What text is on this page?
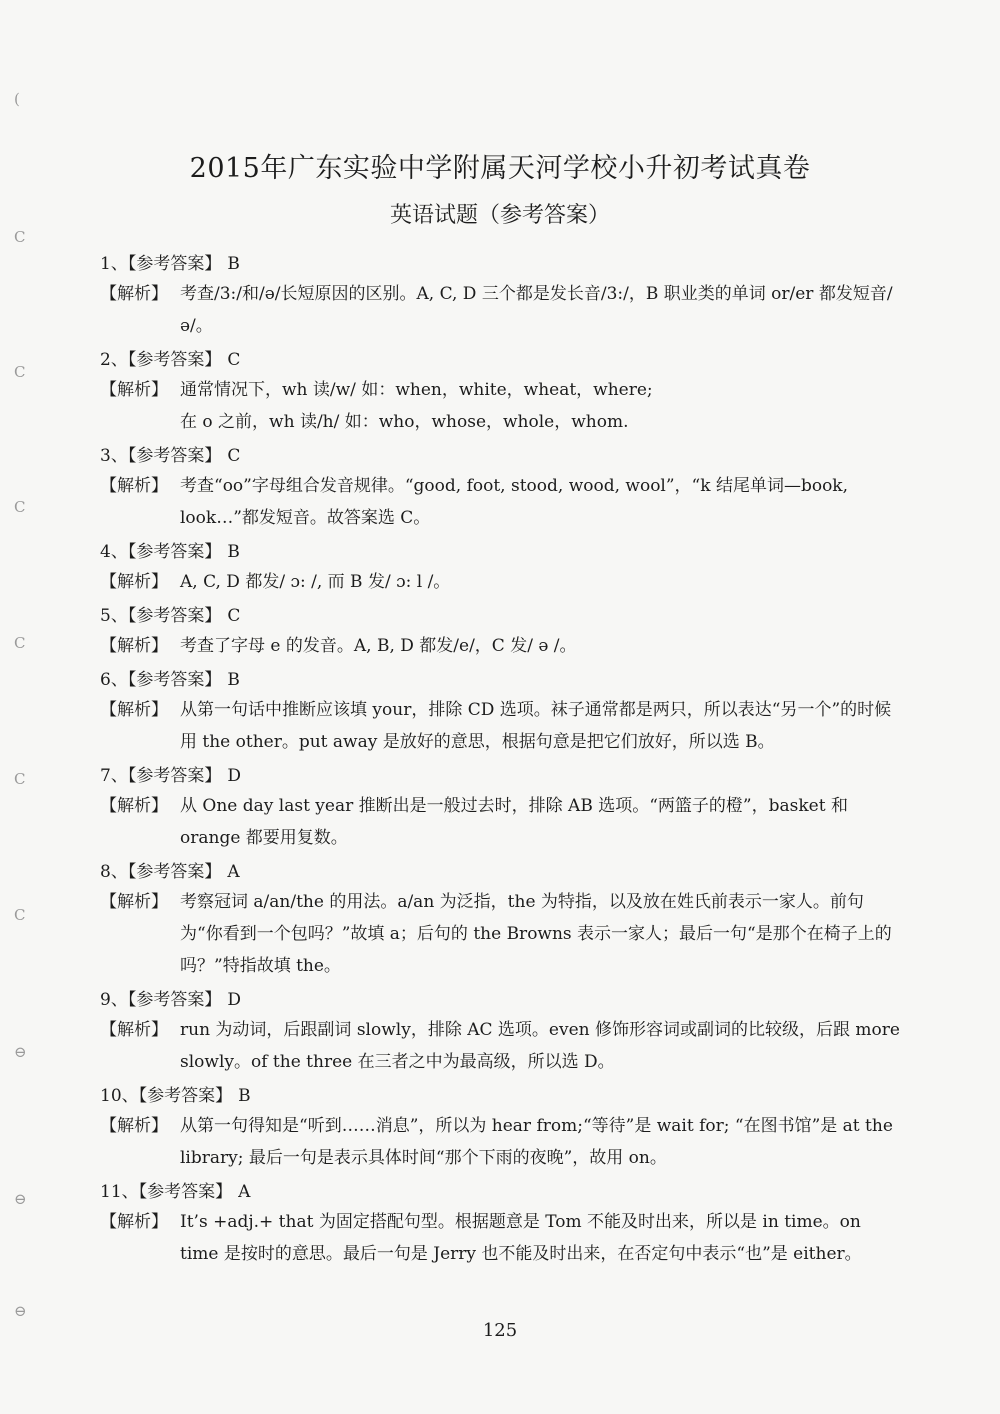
(
C
C
C
C
C
C
⊖
⊖
⊖
2015年广东实验中学附属天河学校小升初考试真卷
英语试题（参考答案）
1、【参考答案】 B
【解析】 考查/3:/和/ə/长短原因的区别。A, C, D 三个都是发长音/3:/，B 职业类的单词 or/er 都发短音/ə/。
2、【参考答案】 C
【解析】 通常情况下，wh 读/w/ 如：when，white，wheat，where;
在 o 之前，wh 读/h/ 如：who，whose，whole，whom.
3、【参考答案】 C
【解析】 考查“oo”字母组合发音规律。“good, foot, stood, wood, wool”，“k 结尾单词—book, look…”都发短音。故答案选 C。
4、【参考答案】 B
【解析】 A, C, D 都发/ ɔ: /, 而 B 发/ ɔ: l /。
5、【参考答案】 C
【解析】 考查了字母 e 的发音。A, B, D 都发/e/，C 发/ ə /。
6、【参考答案】 B
【解析】 从第一句话中推断应该填 your，排除 CD 选项。袜子通常都是两只，所以表达“另一个”的时候用 the other。put away 是放好的意思，根据句意是把它们放好，所以选 B。
7、【参考答案】 D
【解析】 从 One day last year 推断出是一般过去时，排除 AB 选项。“两篮子的橙”，basket 和 orange 都要用复数。
8、【参考答案】 A
【解析】 考察冠词 a/an/the 的用法。a/an 为泛指，the 为特指，以及放在姓氏前表示一家人。前句为“你看到一个包吗？”故填 a；后句的 the Browns 表示一家人；最后一句“是那个在椅子上的吗？”特指故填 the。
9、【参考答案】 D
【解析】 run 为动词，后跟副词 slowly，排除 AC 选项。even 修饰形容词或副词的比较级，后跟 more slowly。of the three 在三者之中为最高级，所以选 D。
10、【参考答案】 B
【解析】 从第一句得知是“听到……消息”，所以为 hear from;“等待”是 wait for; “在图书馆”是 at the library; 最后一句是表示具体时间“那个下雨的夜晚”，故用 on。
11、【参考答案】 A
【解析】 It’s +adj.+ that 为固定搭配句型。根据题意是 Tom 不能及时出来，所以是 in time。on time 是按时的意思。最后一句是 Jerry 也不能及时出来，在否定句中表示“也”是 either。
125
